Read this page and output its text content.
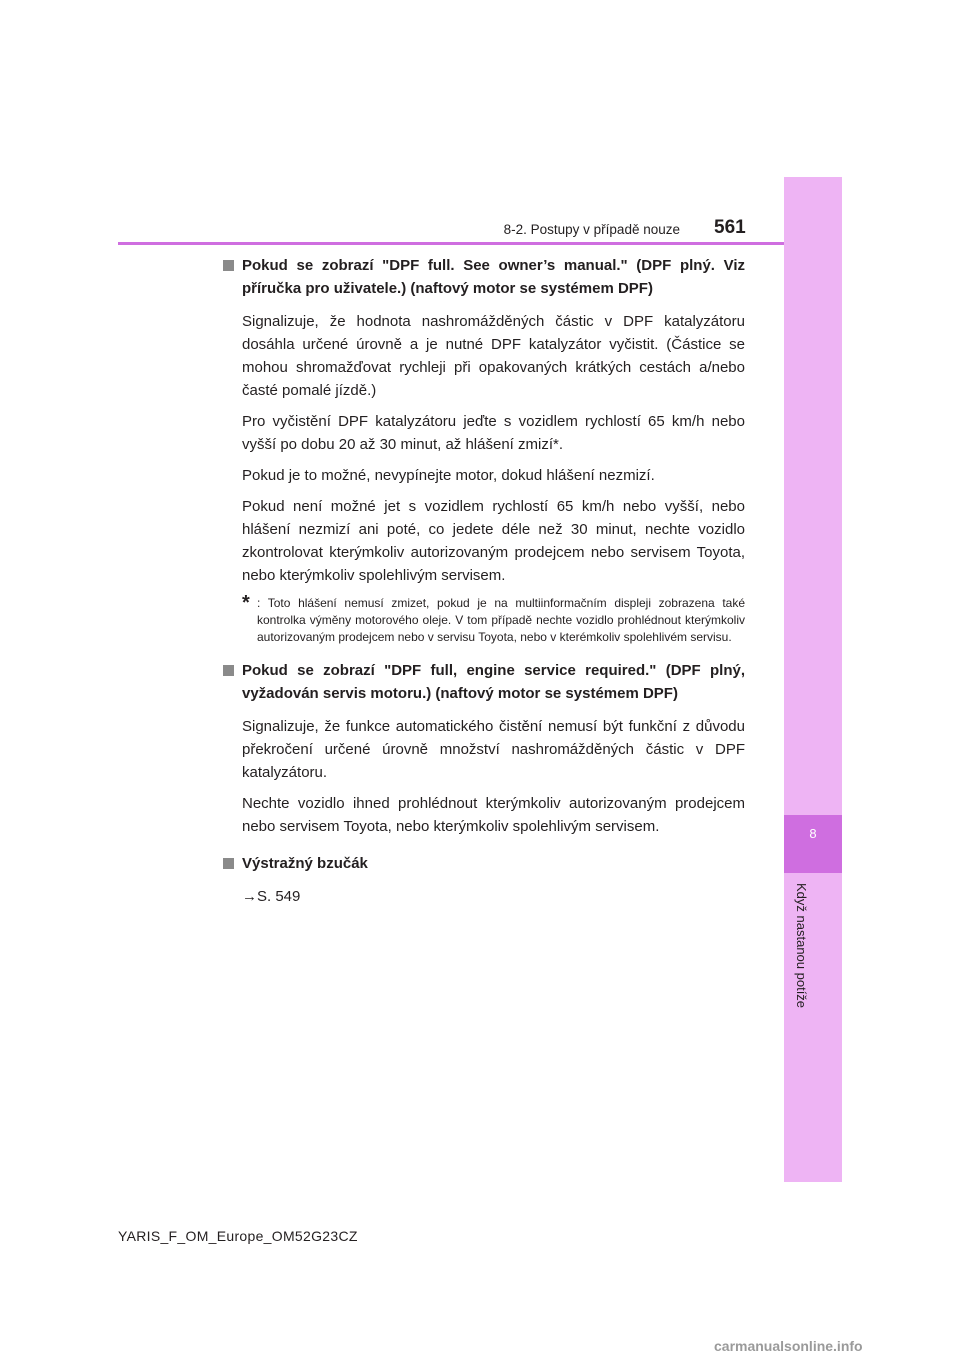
8
Když nastanou potíže
8-2. Postupy v případě nouze 561
Pokud se zobrazí "DPF full. See owner’s manual." (DPF plný. Viz příručka pro uživatele.) (naftový motor se systémem DPF)
Signalizuje, že hodnota nashromážděných částic v DPF katalyzátoru dosáhla určené úrovně a je nutné DPF katalyzátor vyčistit. (Částice se mohou shromažďovat rychleji při opakovaných krátkých cestách a/nebo časté pomalé jízdě.)
Pro vyčistění DPF katalyzátoru jeďte s vozidlem rychlostí 65 km/h nebo vyšší po dobu 20 až 30 minut, až hlášení zmizí*.
Pokud je to možné, nevypínejte motor, dokud hlášení nezmizí.
Pokud není možné jet s vozidlem rychlostí 65 km/h nebo vyšší, nebo hlášení nezmizí ani poté, co jedete déle než 30 minut, nechte vozidlo zkontrolovat kterýmkoliv autorizovaným prodejcem nebo servisem Toyota, nebo kterýmkoliv spolehlivým servisem.
* : Toto hlášení nemusí zmizet, pokud je na multiinformačním displeji zobrazena také kontrolka výměny motorového oleje. V tom případě nechte vozidlo prohlédnout kterýmkoliv autorizovaným prodejcem nebo v servisu Toyota, nebo v kterémkoliv spolehlivém servisu.
Pokud se zobrazí "DPF full, engine service required." (DPF plný, vyžadován servis motoru.) (naftový motor se systémem DPF)
Signalizuje, že funkce automatického čistění nemusí být funkční z důvodu překročení určené úrovně množství nashromážděných částic v DPF katalyzátoru.
Nechte vozidlo ihned prohlédnout kterýmkoliv autorizovaným prodejcem nebo servisem Toyota, nebo kterýmkoliv spolehlivým servisem.
Výstražný bzučák
→S. 549
YARIS_F_OM_Europe_OM52G23CZ
carmanualsonline.info
